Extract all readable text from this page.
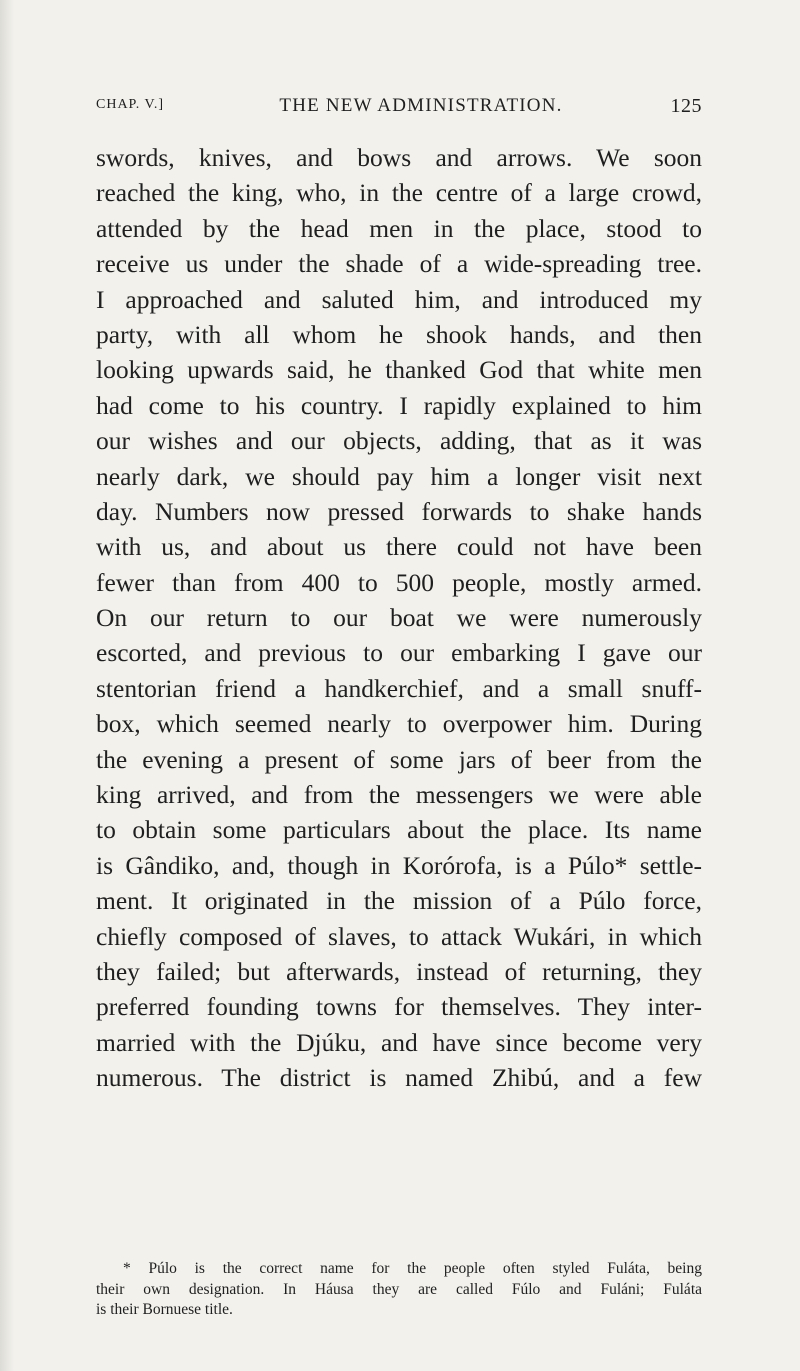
CHAP. V.]	THE NEW ADMINISTRATION.	125
swords, knives, and bows and arrows. We soon
reached the king, who, in the centre of a large crowd,
attended by the head men in the place, stood to
receive us under the shade of a wide-spreading tree.
I approached and saluted him, and introduced my
party, with all whom he shook hands, and then
looking upwards said, he thanked God that white men
had come to his country. I rapidly explained to him
our wishes and our objects, adding, that as it was
nearly dark, we should pay him a longer visit next
day. Numbers now pressed forwards to shake hands
with us, and about us there could not have been
fewer than from 400 to 500 people, mostly armed.
On our return to our boat we were numerously
escorted, and previous to our embarking I gave our
stentorian friend a handkerchief, and a small snuff-
box, which seemed nearly to overpower him. During
the evening a present of some jars of beer from the
king arrived, and from the messengers we were able
to obtain some particulars about the place. Its name
is Gândiko, and, though in Korórofa, is a Púlo* settle-
ment. It originated in the mission of a Púlo force,
chiefly composed of slaves, to attack Wukári, in which
they failed; but afterwards, instead of returning, they
preferred founding towns for themselves. They inter-
married with the Djúku, and have since become very
numerous. The district is named Zhibú, and a few
* Púlo is the correct name for the people often styled Fuláta, being
their own designation. In Háusa they are called Fúlo and Fuláni; Fuláta
is their Bornuese title.
